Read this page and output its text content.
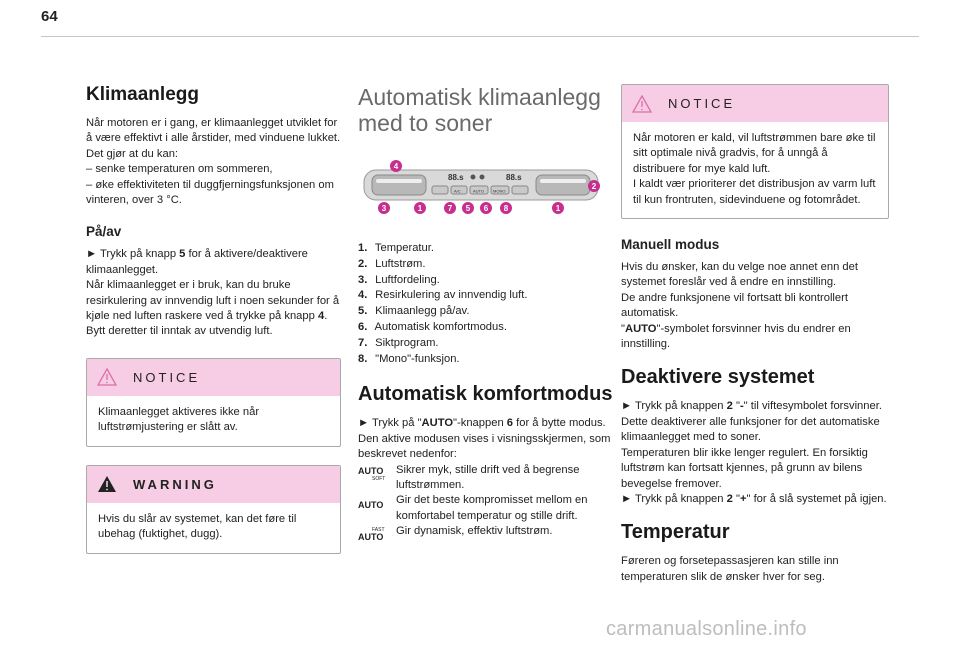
64
Klimaanlegg

Når motoren er i gang, er klimaanlegget utviklet for å være effektivt i alle årstider, med vinduene lukket.

Det gjør at du kan:

– senke temperaturen om sommeren,

– øke effektiviteten til duggfjerningsfunksjonen om vinteren, over 3 °C.

På/av

► Trykk på knapp 5 for å aktivere/deaktivere klimaanlegget.

Når klimaanlegget er i bruk, kan du bruke resirkulering av innvendig luft i noen sekunder for å kjøle ned luften raskere ved å trykke på knapp 4. Bytt deretter til inntak av utvendig luft.

NOTICE

Klimaanlegget aktiveres ikke når luftstrømjustering er slått av.

WARNING

Hvis du slår av systemet, kan det føre til ubehag (fuktighet, dugg).

Automatisk klimaanlegg med to soner
88.s	88.s
A/C	AUTO MONO
4
2
3	1	7 5 6 8	1
1. Temperatur.
2. Luftstrøm.
3. Luftfordeling.
4. Resirkulering av innvendig luft.
5. Klimaanlegg på/av.
6. Automatisk komfortmodus.
7. Siktprogram.
8. "Mono"-funksjon.
Automatisk komfortmodus

► Trykk på "AUTO"-knappen 6 for å bytte modus.

Den aktive modusen vises i visningsskjermen, som beskrevet nedenfor:

AUTO
SOFT

Sikrer myk, stille drift ved å begrense luftstrømmen.

AUTO	Gir det beste kompromisset mellom en komfortabel temperatur og stille drift.

FAST
AUTO	Gir dynamisk, effektiv luftstrøm.

NOTICE

Når motoren er kald, vil luftstrømmen bare øke til sitt optimale nivå gradvis, for å unngå å distribuere for mye kald luft.

I kaldt vær prioriterer det distribusjon av varm luft til kun frontruten, sidevinduene og fotområdet.

Manuell modus

Hvis du ønsker, kan du velge noe annet enn det systemet foreslår ved å endre en innstilling.

De andre funksjonene vil fortsatt bli kontrollert automatisk.

"AUTO"-symbolet forsvinner hvis du endrer en innstilling.

Deaktivere systemet

► Trykk på knappen 2 "-" til viftesymbolet forsvinner.

Dette deaktiverer alle funksjoner for det automatiske klimaanlegget med to soner.

Temperaturen blir ikke lenger regulert. En forsiktig luftstrøm kan fortsatt kjennes, på grunn av bilens bevegelse fremover.

► Trykk på knappen 2 "+" for å slå systemet på igjen.

Temperatur

Føreren og forsetepassasjeren kan stille inn temperaturen slik de ønsker hver for seg.

carmanualsonline.info
